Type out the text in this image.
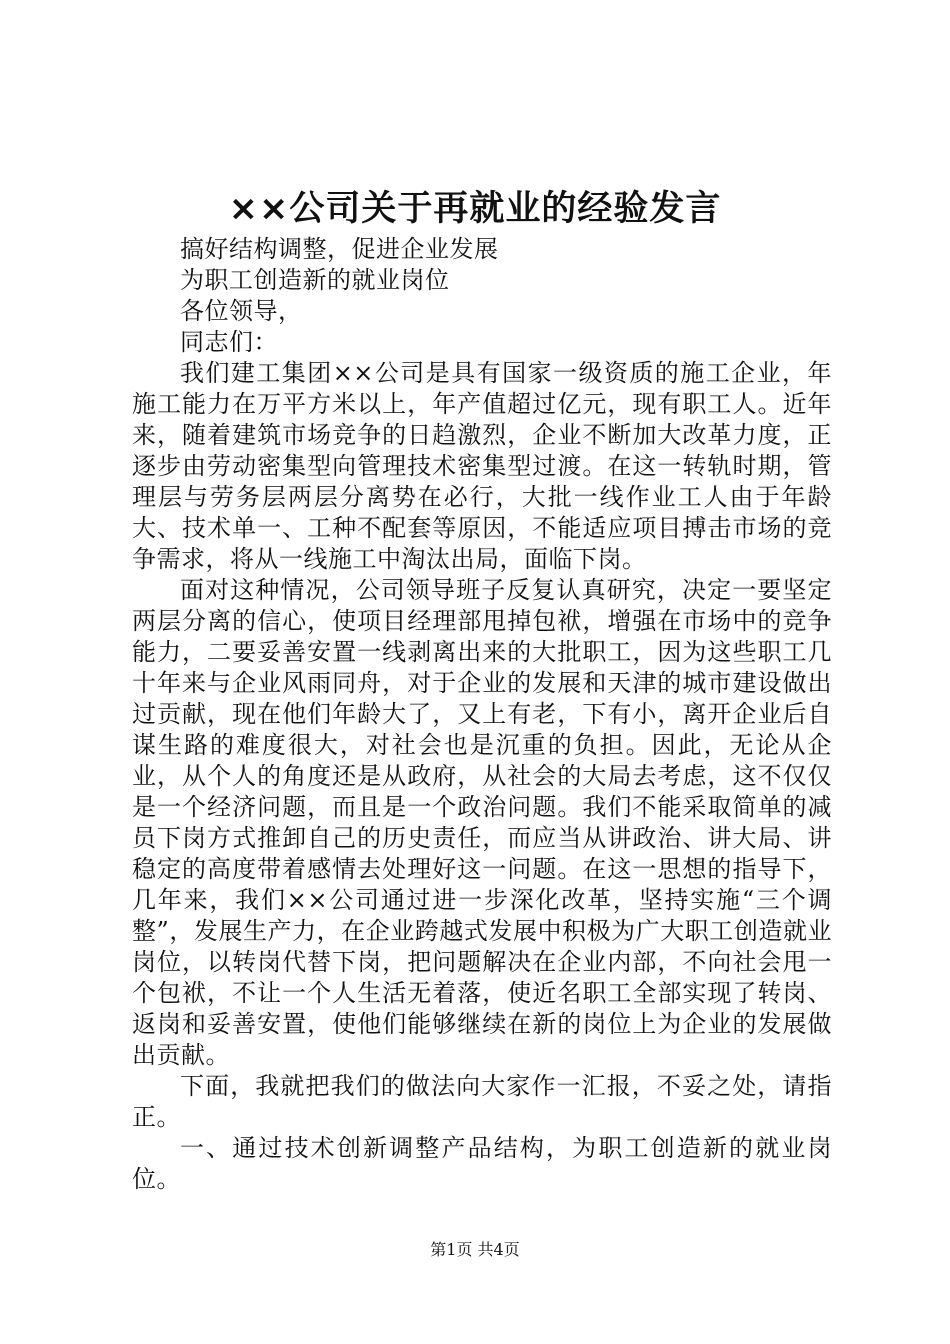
××公司关于再就业的经验发言

搞好结构调整，促进企业发展

为职工创造新的就业岗位

各位领导，

同志们：

我们建工集团××公司是具有国家一级资质的施工企业，年施工能力在万平方米以上，年产值超过亿元，现有职工人。近年来，随着建筑市场竞争的日趋激烈，企业不断加大改革力度，正逐步由劳动密集型向管理技术密集型过渡。在这一转轨时期，管理层与劳务层两层分离势在必行，大批一线作业工人由于年龄大、技术单一、工种不配套等原因，不能适应项目搏击市场的竞争需求，将从一线施工中淘汰出局，面临下岗。

面对这种情况，公司领导班子反复认真研究，决定一要坚定两层分离的信心，使项目经理部甩掉包袱，增强在市场中的竞争能力，二要妥善安置一线剥离出来的大批职工，因为这些职工几十年来与企业风雨同舟，对于企业的发展和天津的城市建设做出过贡献，现在他们年龄大了，又上有老，下有小，离开企业后自谋生路的难度很大，对社会也是沉重的负担。因此，无论从企业，从个人的角度还是从政府，从社会的大局去考虑，这不仅仅是一个经济问题，而且是一个政治问题。我们不能采取简单的减员下岗方式推卸自己的历史责任，而应当从讲政治、讲大局、讲稳定的高度带着感情去处理好这一问题。在这一思想的指导下，几年来，我们××公司通过进一步深化改革，坚持实施“三个调整”，发展生产力，在企业跨越式发展中积极为广大职工创造就业岗位，以转岗代替下岗，把问题解决在企业内部，不向社会甩一个包袱，不让一个人生活无着落，使近名职工全部实现了转岗、返岗和妥善安置，使他们能够继续在新的岗位上为企业的发展做出贡献。

下面，我就把我们的做法向大家作一汇报，不妥之处，请指正。

一、通过技术创新调整产品结构，为职工创造新的就业岗位。

第1页 共4页
